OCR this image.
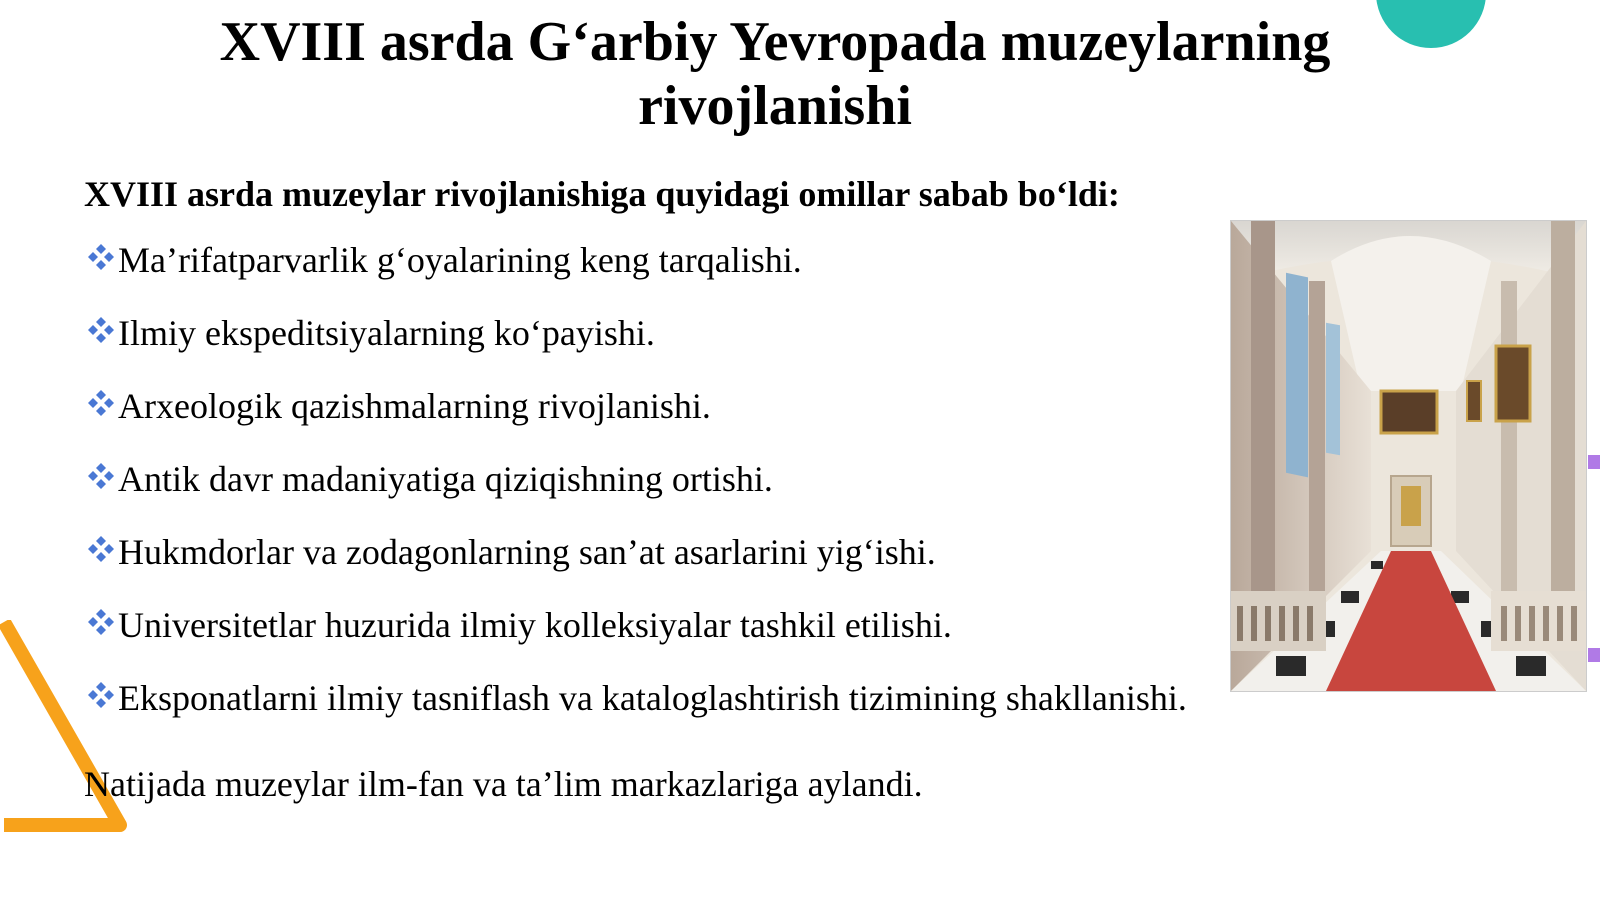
XVIII asrda G‘arbiy Yevropada muzeylarning rivojlanishi

XVIII asrda muzeylar rivojlanishiga quyidagi omillar sabab bo‘ldi:

Ma’rifatparvarlik g‘oyalarining keng tarqalishi.
Ilmiy ekspeditsiyalarning ko‘payishi.
Arxeologik qazishmalarning rivojlanishi.
Antik davr madaniyatiga qiziqishning ortishi.
Hukmdorlar va zodagonlarning san’at asarlarini yig‘ishi.
Universitetlar huzurida ilmiy kolleksiyalar tashkil etilishi.
Eksponatlarni ilmiy tasniflash va kataloglashtirish tizimining shakllanishi.

Natijada muzeylar ilm-fan va ta’lim markazlariga aylandi.
